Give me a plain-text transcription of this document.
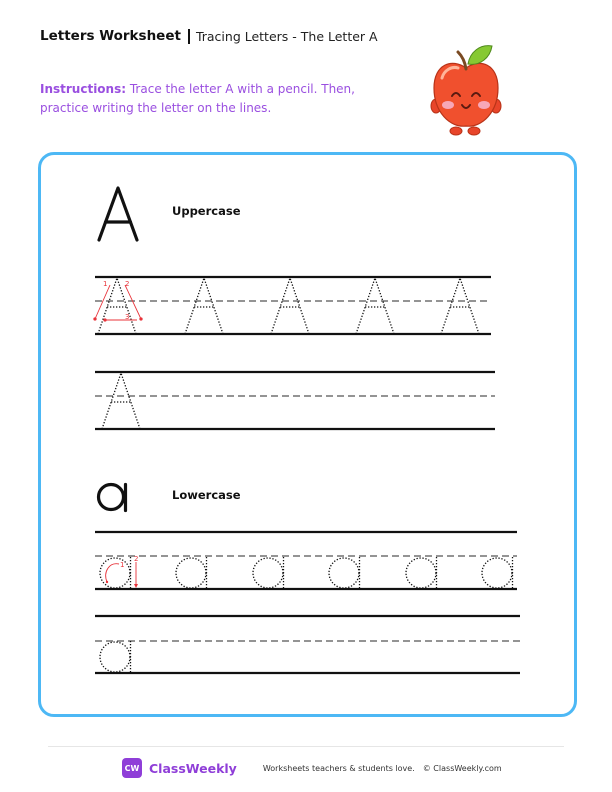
Letters Worksheet Tracing Letters - The Letter A
Instructions: Trace the letter A with a pencil. Then, practice writing the letter on the lines.
Uppercase
1	2
3
Lowercase
1
2
CW ClassWeekly	Worksheets teachers & students love. © ClassWeekly.com
